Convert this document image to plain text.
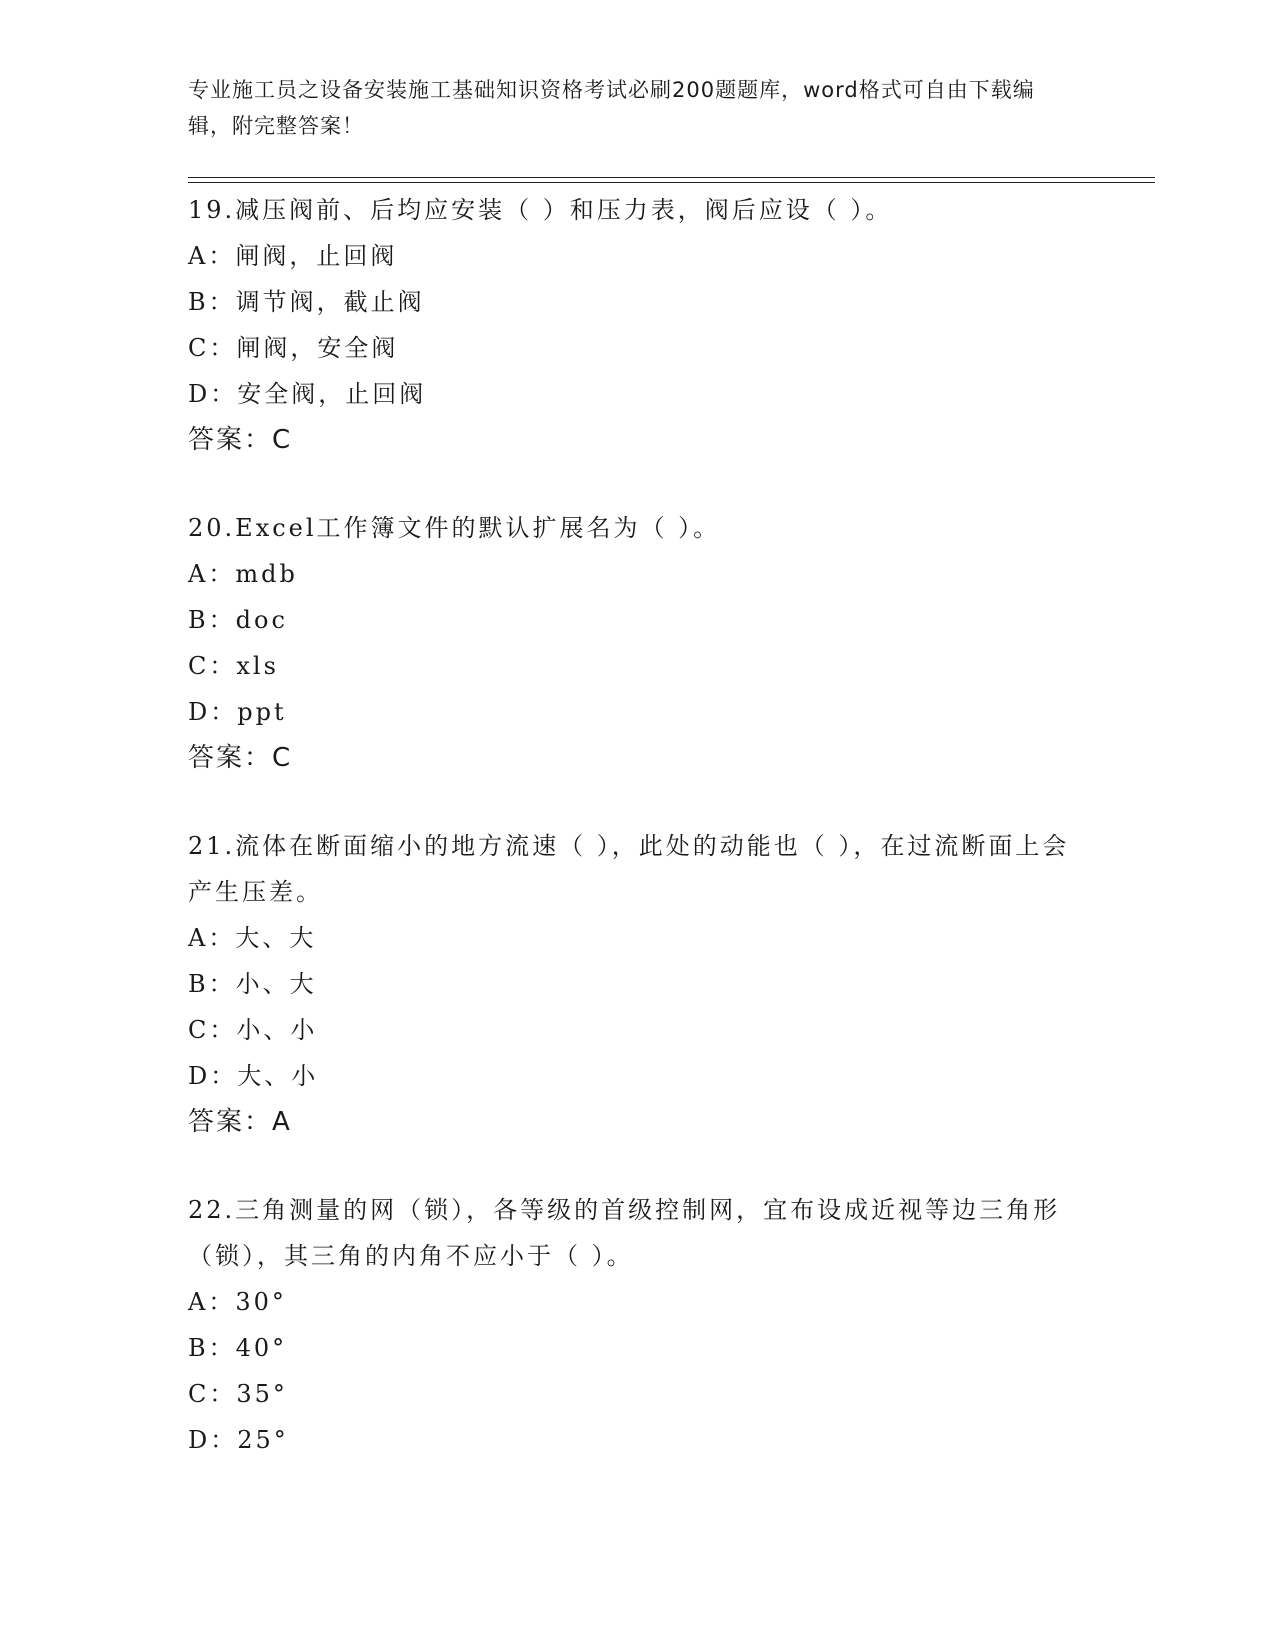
专业施工员之设备安装施工基础知识资格考试必刷200题题库，word格式可自由下载编辑，附完整答案！

19.减压阀前、后均应安装（ ）和压力表，阀后应设（ ）。

A：闸阀，止回阀

B：调节阀，截止阀

C：闸阀，安全阀

D：安全阀，止回阀

答案：C

20.Excel工作簿文件的默认扩展名为（ ）。

A：mdb

B：doc

C：xls

D：ppt

答案：C

21.流体在断面缩小的地方流速（ ），此处的动能也（ ），在过流断面上会产生压差。

A：大、大

B：小、大

C：小、小

D：大、小

答案：A

22.三角测量的网（锁），各等级的首级控制网，宜布设成近视等边三角形（锁），其三角的内角不应小于（ ）。

A：30°

B：40°

C：35°

D：25°
